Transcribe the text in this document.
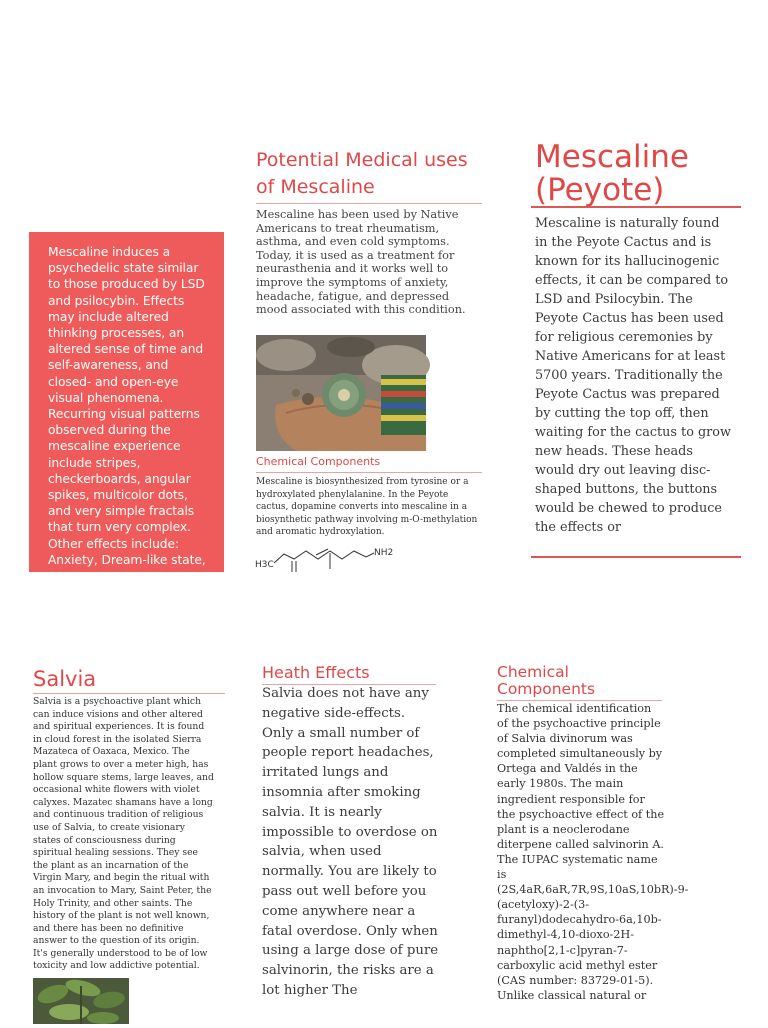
Mescaline induces a psychedelic state similar to those produced by LSD and psilocybin. Effects may include altered thinking processes, an altered sense of time and self-awareness, and closed- and open-eye visual phenomena. Recurring visual patterns observed during the mescaline experience include stripes, checkerboards, angular spikes, multicolor dots, and very simple fractals that turn very complex. Other effects include: Anxiety, Dream-like state,

Potential Medical uses of Mescaline
Mescaline has been used by Native Americans to treat rheumatism, asthma, and even cold symptoms. Today, it is used as a treatment for neurasthenia and it works well to improve the symptoms of anxiety, headache, fatigue, and depressed mood associated with this condition.
Chemical Components
Mescaline is biosynthesized from tyrosine or a hydroxylated phenylalanine. In the Peyote cactus, dopamine converts into mescaline in a biosynthetic pathway involving m-O-methylation and aromatic hydroxylation.
H3C
NH2
Mescaline (Peyote)
Mescaline is naturally found in the Peyote Cactus and is known for its hallucinogenic effects, it can be compared to LSD and Psilocybin. The Peyote Cactus has been used for religious ceremonies by Native Americans for at least 5700 years. Traditionally the Peyote Cactus was prepared by cutting the top off, then waiting for the cactus to grow new heads. These heads would dry out leaving disc-shaped buttons, the buttons would be chewed to produce the effects or
Salvia
Salvia is a psychoactive plant which
can induce visions and other altered
and spiritual experiences. It is found
in cloud forest in the isolated Sierra
Mazateca of Oaxaca, Mexico. The
plant grows to over a meter high, has
hollow square stems, large leaves, and
occasional white flowers with violet
calyxes. Mazatec shamans have a long
and continuous tradition of religious
use of Salvia, to create visionary
states of consciousness during
spiritual healing sessions. They see
the plant as an incarnation of the
Virgin Mary, and begin the ritual with
an invocation to Mary, Saint Peter, the
Holy Trinity, and other saints. The
history of the plant is not well known,
and there has been no definitive
answer to the question of its origin.
It's generally understood to be of low
toxicity and low addictive potential.
Heath Effects
Salvia does not have any negative side-effects. Only a small number of people report headaches, irritated lungs and insomnia after smoking salvia. It is nearly impossible to overdose on salvia, when used normally. You are likely to pass out well before you come anywhere near a fatal overdose. Only when using a large dose of pure salvinorin, the risks are a lot higher The
Chemical Components
The chemical identification of the psychoactive principle of Salvia divinorum was completed simultaneously by Ortega and Valdés in the early 1980s. The main ingredient responsible for the psychoactive effect of the plant is a neoclerodane diterpene called salvinorin A. The IUPAC systematic name is (2S,4aR,6aR,7R,9S,10aS,10bR)-9-(acetyloxy)-2-(3-furanyl)dodecahydro-6a,10b-dimethyl-4,10-dioxo-2H-naphtho[2,1-c]pyran-7-carboxylic acid methyl ester (CAS number: 83729-01-5). Unlike classical natural or
